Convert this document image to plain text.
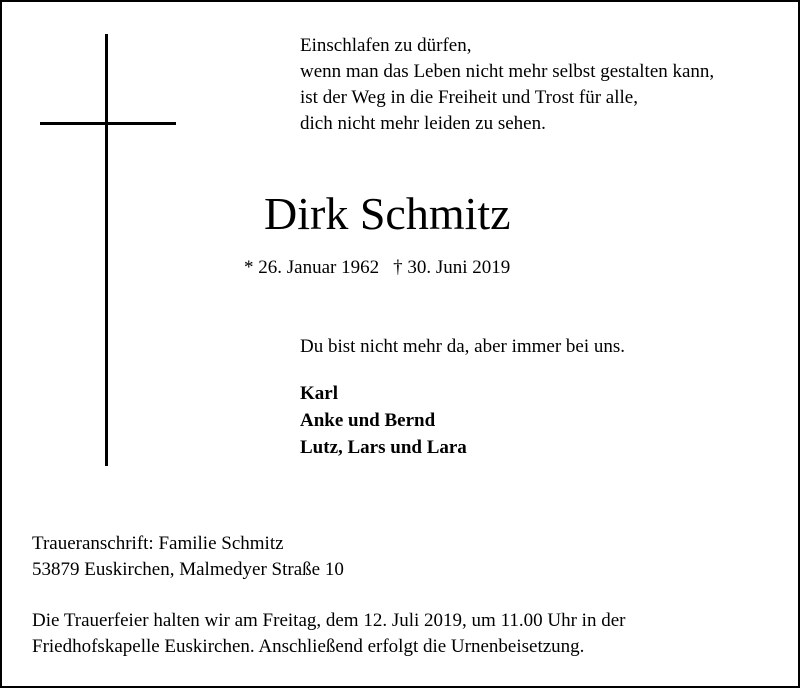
Einschlafen zu dürfen,
wenn man das Leben nicht mehr selbst gestalten kann,
ist der Weg in die Freiheit und Trost für alle,
dich nicht mehr leiden zu sehen.
Dirk Schmitz
* 26. Januar 1962 † 30. Juni 2019
Du bist nicht mehr da, aber immer bei uns.
Karl
Anke und Bernd
Lutz, Lars und Lara
Traueranschrift: Familie Schmitz
53879 Euskirchen, Malmedyer Straße 10
Die Trauerfeier halten wir am Freitag, dem 12. Juli 2019, um 11.00 Uhr in der
Friedhofskapelle Euskirchen. Anschließend erfolgt die Urnenbeisetzung.
